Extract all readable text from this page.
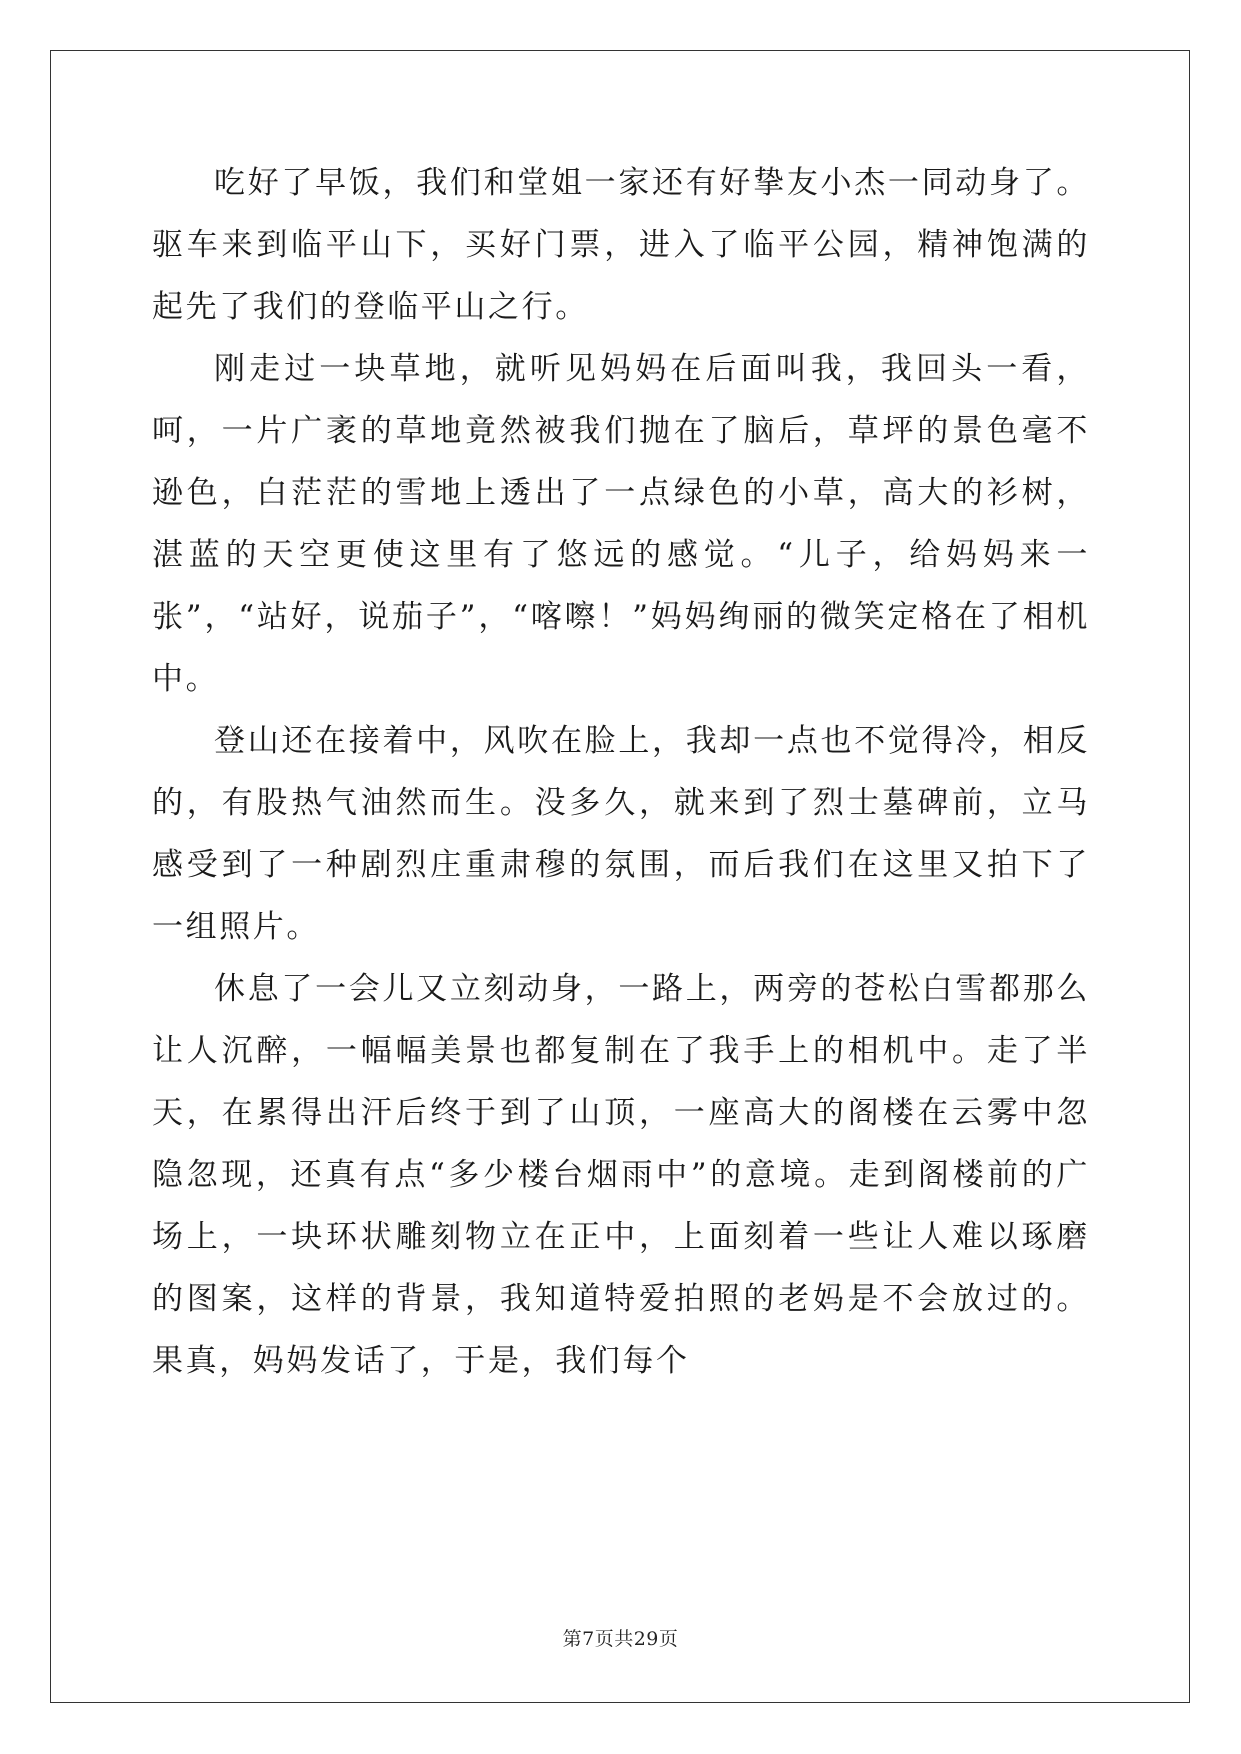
吃好了早饭，我们和堂姐一家还有好挚友小杰一同动身了。驱车来到临平山下，买好门票，进入了临平公园，精神饱满的起先了我们的登临平山之行。

刚走过一块草地，就听见妈妈在后面叫我，我回头一看，呵，一片广袤的草地竟然被我们抛在了脑后，草坪的景色毫不逊色，白茫茫的雪地上透出了一点绿色的小草，高大的衫树，湛蓝的天空更使这里有了悠远的感觉。“儿子，给妈妈来一张”，“站好，说茄子”，“喀嚓！”妈妈绚丽的微笑定格在了相机中。

登山还在接着中，风吹在脸上，我却一点也不觉得冷，相反的，有股热气油然而生。没多久，就来到了烈士墓碑前，立马感受到了一种剧烈庄重肃穆的氛围，而后我们在这里又拍下了一组照片。

休息了一会儿又立刻动身，一路上，两旁的苍松白雪都那么让人沉醉，一幅幅美景也都复制在了我手上的相机中。走了半天，在累得出汗后终于到了山顶，一座高大的阁楼在云雾中忽隐忽现，还真有点“多少楼台烟雨中”的意境。走到阁楼前的广场上，一块环状雕刻物立在正中，上面刻着一些让人难以琢磨的图案，这样的背景，我知道特爱拍照的老妈是不会放过的。果真，妈妈发话了，于是，我们每个

第7页共29页
